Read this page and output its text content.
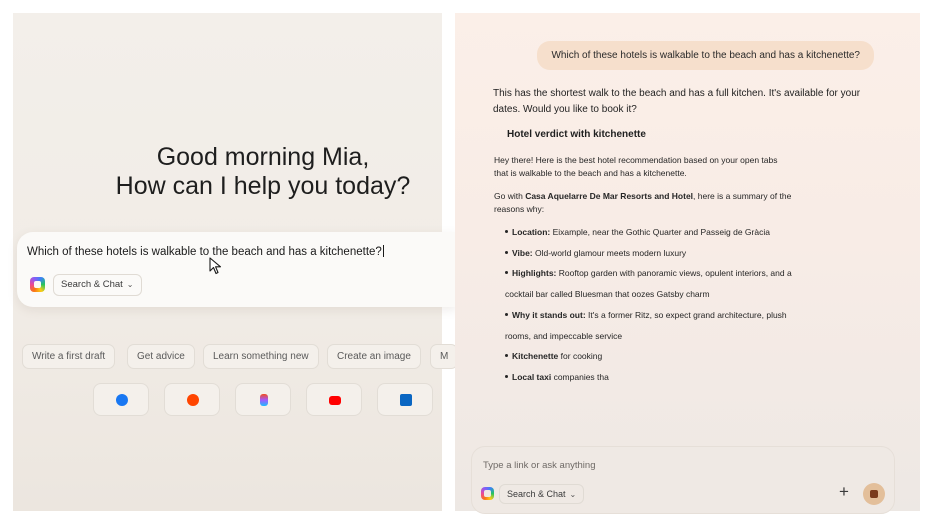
Good morning Mia,
How can I help you today?
Which of these hotels is walkable to the beach and has a kitchenette?
Search & Chat ⌄
Write a first draft	Get advice	Learn something new	Create an image	M
Which of these hotels is walkable to the beach and has a kitchenette?
This has the shortest walk to the beach and has a full kitchen. It's available for your
dates. Would you like to book it?
Hotel verdict with kitchenette
Hey there! Here is the best hotel recommendation based on your open tabs
that is walkable to the beach and has a kitchenette.
Go with Casa Aquelarre De Mar Resorts and Hotel, here is a summary of the
reasons why:
Location: Eixample, near the Gothic Quarter and Passeig de Gràcia
Vibe: Old-world glamour meets modern luxury
Highlights: Rooftop garden with panoramic views, opulent interiors, and a
cocktail bar called Bluesman that oozes Gatsby charm
Why it stands out: It's a former Ritz, so expect grand architecture, plush
rooms, and impeccable service
Kitchenette for cooking
Local taxi companies tha
Type a link or ask anything
Search & Chat ⌄	+
